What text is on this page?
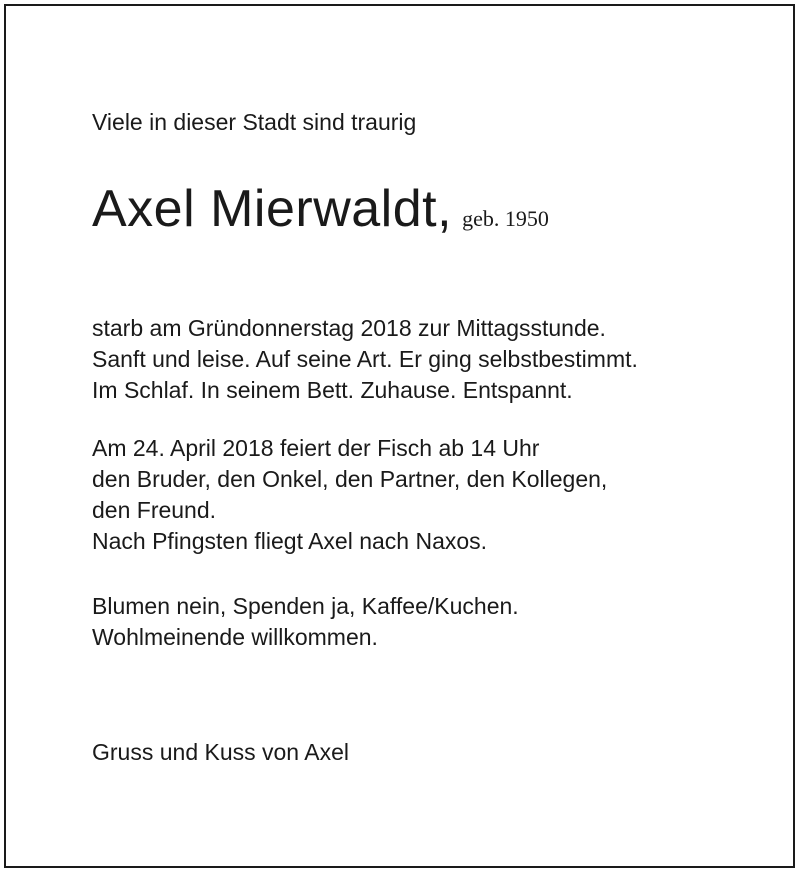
Viele in dieser Stadt sind traurig

Axel Mierwaldt, geb. 1950

starb am Gründonnerstag 2018 zur Mittagsstunde.
Sanft und leise. Auf seine Art. Er ging selbstbestimmt.
Im Schlaf. In seinem Bett. Zuhause. Entspannt.

Am 24. April 2018 feiert der Fisch ab 14 Uhr
den Bruder, den Onkel, den Partner, den Kollegen,
den Freund.
Nach Pfingsten fliegt Axel nach Naxos.

Blumen nein, Spenden ja, Kaffee/Kuchen.
Wohlmeinende willkommen.

Gruss und Kuss von Axel
